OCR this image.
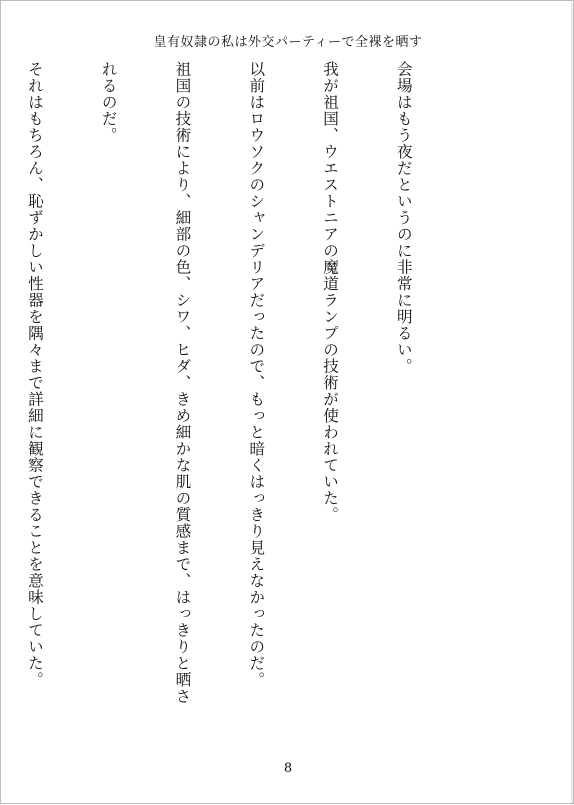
皇有奴隷の私は外交パーティーで全裸を晒す

会場はもう夜だというのに非常に明るい。

我が祖国、ウエストニアの魔道ランプの技術が使われていた。

以前はロウソクのシャンデリアだったので、もっと暗くはっきり見えなかったのだ。

祖国の技術により、細部の色、シワ、ヒダ、きめ細かな肌の質感まで、はっきりと晒さ

れるのだ。

それはもちろん、恥ずかしい性器を隅々まで詳細に観察できることを意味していた。

8
